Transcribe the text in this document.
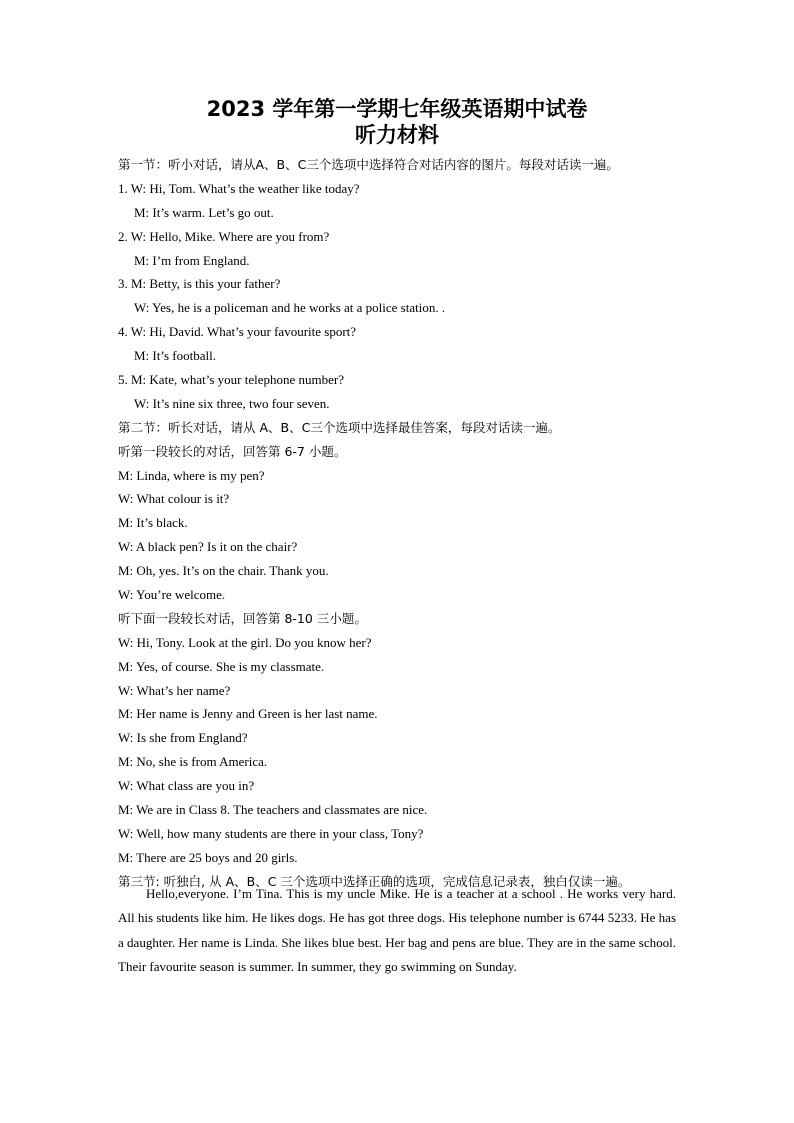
2023 学年第一学期七年级英语期中试卷
听力材料
第一节：听小对话，请从A、B、C三个选项中选择符合对话内容的图片。每段对话读一遍。
1. W: Hi, Tom. What’s the weather like today?
M: It’s warm. Let’s go out.
2. W: Hello, Mike. Where are you from?
M: I’m from England.
3. M: Betty, is this your father?
W: Yes, he is a policeman and he works at a police station. .
4. W: Hi, David. What’s your favourite sport?
M: It’s football.
5. M: Kate, what’s your telephone number?
W: It’s nine six three, two four seven.
第二节：听长对话，请从 A、B、C三个选项中选择最佳答案，每段对话读一遍。
听第一段较长的对话，回答第 6-7 小题。
M: Linda, where is my pen?
W: What colour is it?
M: It’s black.
W: A black pen? Is it on the chair?
M: Oh, yes. It’s on the chair. Thank you.
W: You’re welcome.
听下面一段较长对话，回答第 8-10 三小题。
W: Hi, Tony. Look at the girl. Do you know her?
M: Yes, of course. She is my classmate.
W: What’s her name?
M: Her name is Jenny and Green is her last name.
W: Is she from England?
M: No, she is from America.
W: What class are you in?
M: We are in Class 8. The teachers and classmates are nice.
W: Well, how many students are there in your class, Tony?
M: There are 25 boys and 20 girls.
第三节: 听独白, 从 A、B、C 三个选项中选择正确的选项，完成信息记录表，独白仅读一遍。
Hello,everyone. I’m Tina. This is my uncle Mike. He is a teacher at a school . He works very hard. All his students like him. He likes dogs. He has got three dogs. His telephone number is 6744 5233. He has a daughter. Her name is Linda. She likes blue best. Her bag and pens are blue. They are in the same school. Their favourite season is summer. In summer, they go swimming on Sunday.
